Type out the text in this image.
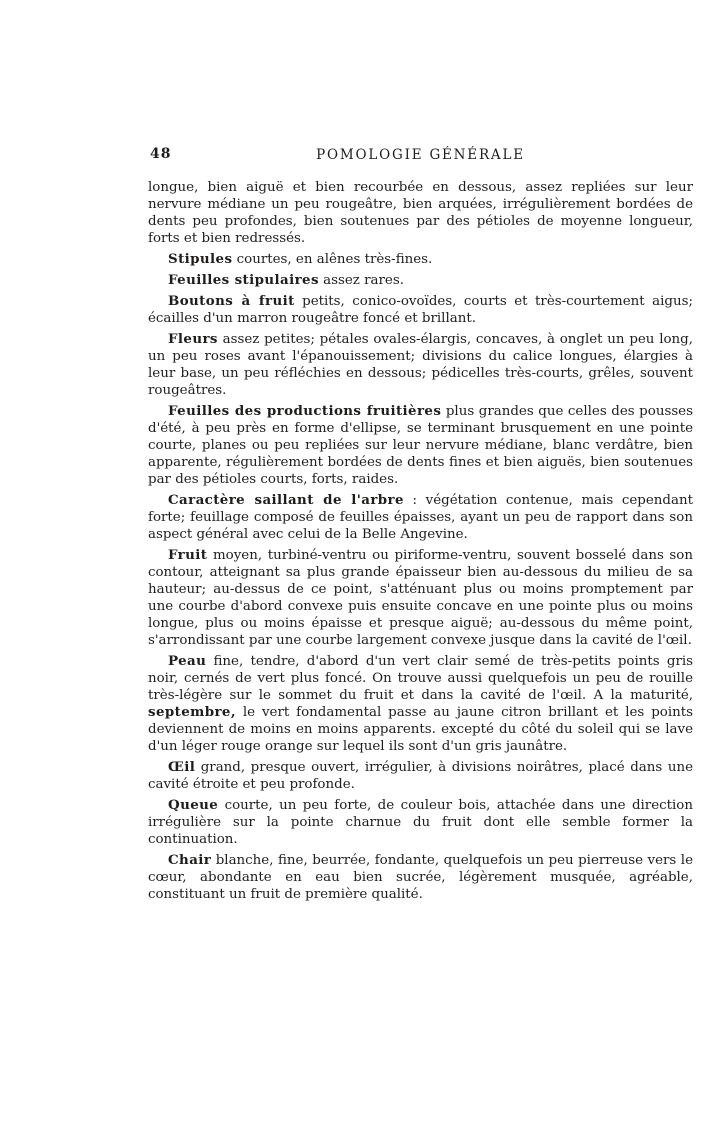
48	POMOLOGIE GÉNÉRALE

longue, bien aiguë et bien recourbée en dessous, assez repliées sur leur nervure médiane un peu rougeâtre, bien arquées, irrégulièrement bordées de dents peu profondes, bien soutenues par des pétioles de moyenne longueur, forts et bien redressés.

Stipules courtes, en alênes très-fines.

Feuilles stipulaires assez rares.

Boutons à fruit petits, conico-ovoïdes, courts et très-courtement aigus; écailles d'un marron rougeâtre foncé et brillant.

Fleurs assez petites; pétales ovales-élargis, concaves, à onglet un peu long, un peu roses avant l'épanouissement; divisions du calice longues, élargies à leur base, un peu réfléchies en dessous; pédicelles très-courts, grêles, souvent rougeâtres.

Feuilles des productions fruitières plus grandes que celles des pousses d'été, à peu près en forme d'ellipse, se terminant brusquement en une pointe courte, planes ou peu repliées sur leur nervure médiane, blanc verdâtre, bien apparente, régulièrement bordées de dents fines et bien aiguës, bien soutenues par des pétioles courts, forts, raides.

Caractère saillant de l'arbre : végétation contenue, mais cependant forte; feuillage composé de feuilles épaisses, ayant un peu de rapport dans son aspect général avec celui de la Belle Angevine.

Fruit moyen, turbiné-ventru ou piriforme-ventru, souvent bosselé dans son contour, atteignant sa plus grande épaisseur bien au-dessous du milieu de sa hauteur; au-dessus de ce point, s'atténuant plus ou moins promptement par une courbe d'abord convexe puis ensuite concave en une pointe plus ou moins longue, plus ou moins épaisse et presque aiguë; au-dessous du même point, s'arrondissant par une courbe largement convexe jusque dans la cavité de l'œil.

Peau fine, tendre, d'abord d'un vert clair semé de très-petits points gris noir, cernés de vert plus foncé. On trouve aussi quelquefois un peu de rouille très-légère sur le sommet du fruit et dans la cavité de l'œil. A la maturité, septembre, le vert fondamental passe au jaune citron brillant et les points deviennent de moins en moins apparents. excepté du côté du soleil qui se lave d'un léger rouge orange sur lequel ils sont d'un gris jaunâtre.

Œil grand, presque ouvert, irrégulier, à divisions noirâtres, placé dans une cavité étroite et peu profonde.

Queue courte, un peu forte, de couleur bois, attachée dans une direction irrégulière sur la pointe charnue du fruit dont elle semble former la continuation.

Chair blanche, fine, beurrée, fondante, quelquefois un peu pierreuse vers le cœur, abondante en eau bien sucrée, légèrement musquée, agréable, constituant un fruit de première qualité.
